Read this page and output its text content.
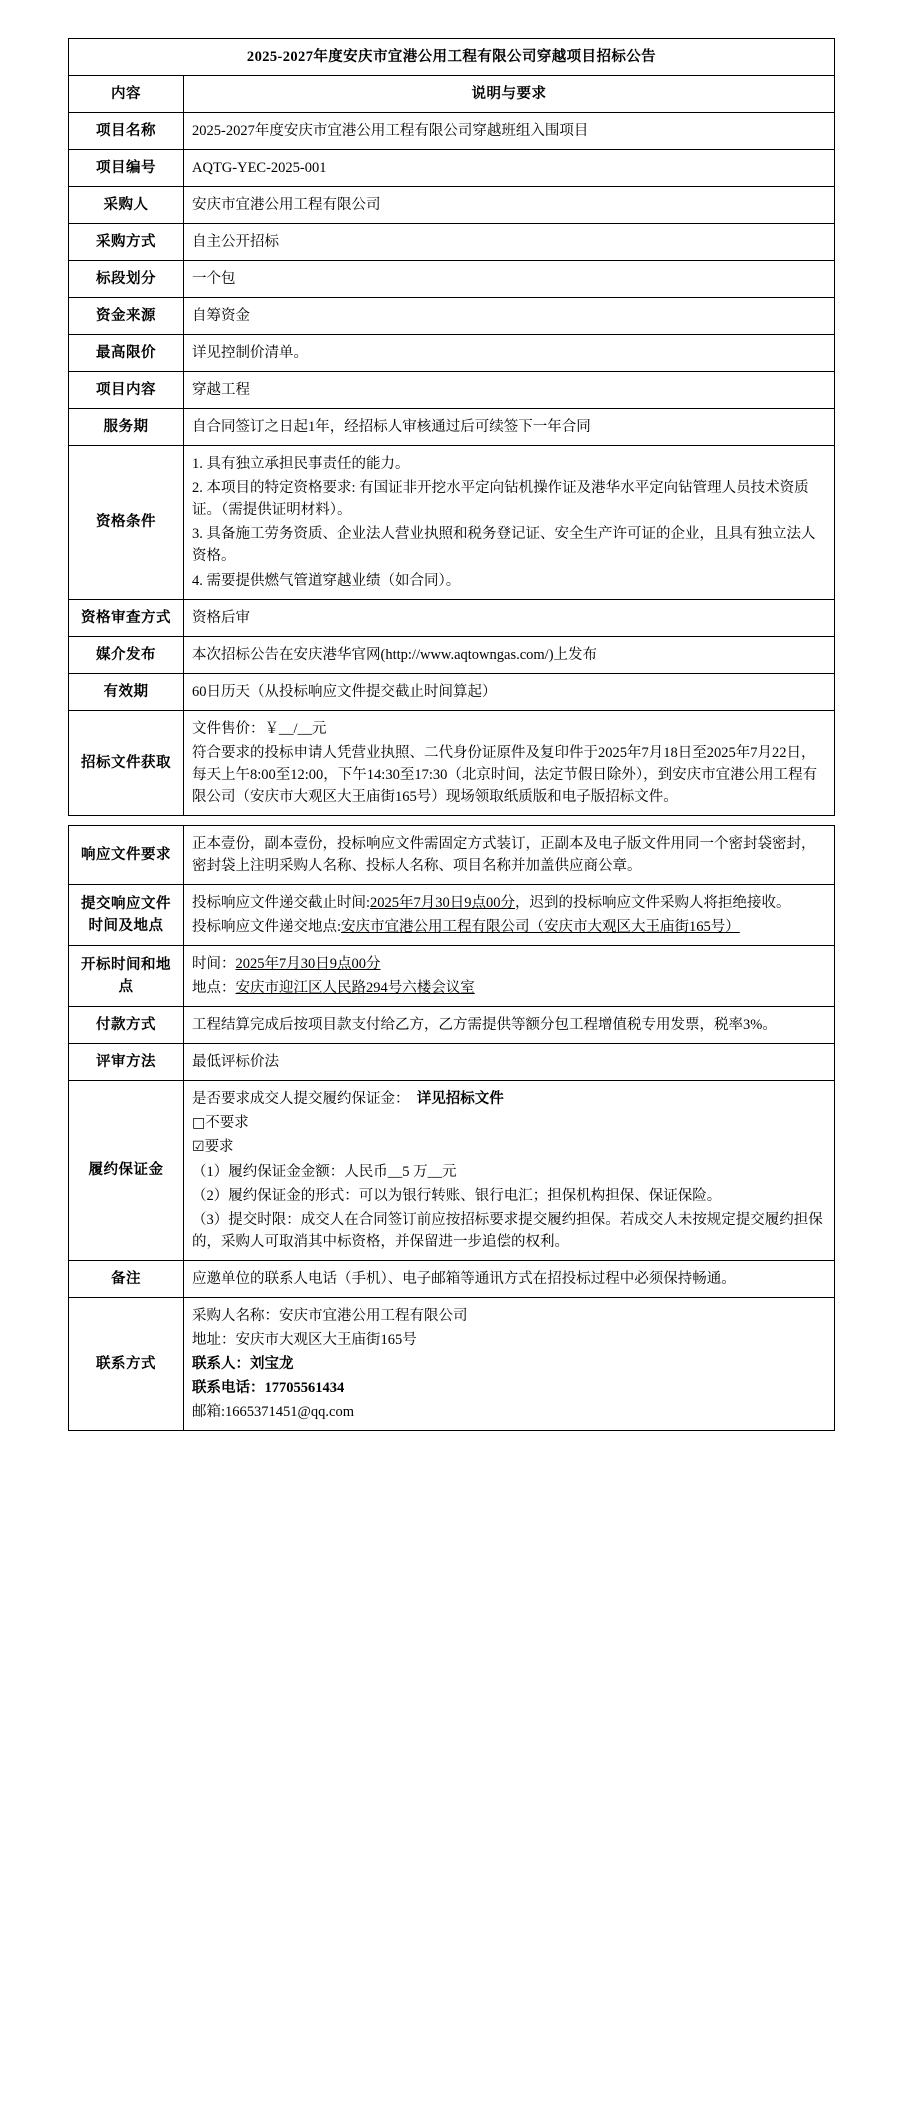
2025-2027年度安庆市宜港公用工程有限公司穿越项目招标公告	
内容	说明与要求
项目名称	2025-2027年度安庆市宜港公用工程有限公司穿越班组入围项目
项目编号	AQTG-YEC-2025-001
采购人	安庆市宜港公用工程有限公司
采购方式	自主公开招标
标段划分	一个包
资金来源	自筹资金
最高限价	详见控制价清单。
项目内容	穿越工程
服务期	自合同签订之日起1年，经招标人审核通过后可续签下一年合同
资格条件	1. 具有独立承担民事责任的能力。

2. 本项目的特定资格要求: 有国证非开挖水平定向钻机操作证及港华水平定向钻管理人员技术资质证。（需提供证明材料）。

3. 具备施工劳务资质、企业法人营业执照和税务登记证、安全生产许可证的企业，且具有独立法人资格。

4. 需要提供燃气管道穿越业绩（如合同）。

资格审查方式	资格后审
媒介发布	本次招标公告在安庆港华官网(http://www.aqtowngas.com/)上发布
有效期	60日历天（从投标响应文件提交截止时间算起）
招标文件获取	文件售价：￥__/__元

符合要求的投标申请人凭营业执照、二代身份证原件及复印件于2025年7月18日至2025年7月22日， 每天上午8:00至12:00，下午14:30至17:30（北京时间，法定节假日除外），到安庆市宜港公用工程有限公司（安庆市大观区大王庙街165号）现场领取纸质版和电子版招标文件。

响应文件要求	正本壹份，副本壹份，投标响应文件需固定方式装订，正副本及电子版文件用同一个密封袋密封，密封袋上注明采购人名称、投标人名称、项目名称并加盖供应商公章。
提交响应文件时间及地点	投标响应文件递交截止时间:2025年7月30日9点00分，迟到的投标响应文件采购人将拒绝接收。

投标响应文件递交地点:安庆市宜港公用工程有限公司（安庆市大观区大王庙街165号）

开标时间和地点	时间：2025年7月30日9点00分

地点：安庆市迎江区人民路294号六楼会议室

付款方式	工程结算完成后按项目款支付给乙方，乙方需提供等额分包工程增值税专用发票，税率3%。
评审方法	最低评标价法
履约保证金	

是否要求成交人提交履约保证金： 详见招标文件

□不要求

☑要求

（1）履约保证金金额：人民币__5 万__元

（2）履约保证金的形式：可以为银行转账、银行电汇；担保机构担保、保证保险。

（3）提交时限：成交人在合同签订前应按招标要求提交履约担保。若成交人未按规定提交履约担保的，采购人可取消其中标资格，并保留进一步追偿的权利。

备注	应邀单位的联系人电话（手机）、电子邮箱等通讯方式在招投标过程中必须保持畅通。
联系方式	采购人名称：安庆市宜港公用工程有限公司

地址：安庆市大观区大王庙街165号

联系人：刘宝龙

联系电话：17705561434

邮箱:1665371451@qq.com
